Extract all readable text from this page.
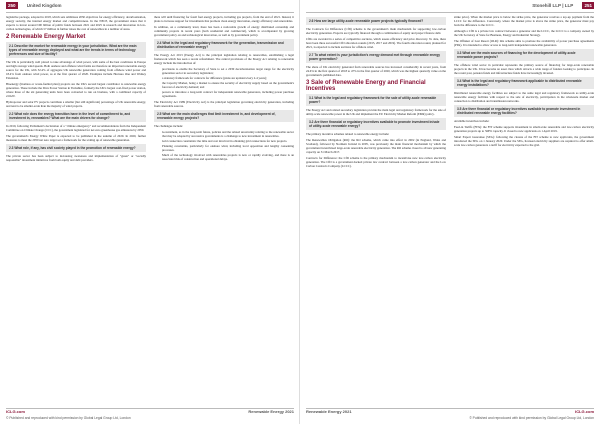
250	United Kingdom

legislative package, adopted in 2018, which sets ambitious 2030 objectives for energy efficiency, decarbonisation, energy security, the internal energy market and competitiveness. In the NECP, the government states that it expects to invest around £90 billion of public funds between 2021 and 2025 in research and innovation in low-carbon technologies, of which £7 million in further raises the cost of renewables in a number of areas.

2 Renewable Energy Market
2.1 Describe the market for renewable energy in your jurisdiction. What are the main types of renewable energy deployed and what are the trends in terms of technology preferences and size of facility?

The UK is particularly well placed to take advantage of wind power, with some of the best conditions in Europe and high average wind speeds. Both onshore and offshore wind farms are therefore an important renewable energy source for the UK, with 32.4% of aggregate UK renewable generation coming from offshore wind power and 18.4% from onshore wind power, as at the first quarter of 2020. Examples include Hornsea One and Walney Extension.

Bioenergy (biomass or waste-fuelled plant) projects are the UK's second largest contributor to renewable energy generation. These include the Drax Power Station in Yorkshire, formerly the UK's largest coal-fired power station, where three of the six generating units have been converted to run on biomass, with a combined capacity of 2.6GW.

Hydropower and solar PV projects contribute a smaller (but still significant) percentage of UK renewable energy, and tend to be smaller-scale than the majority of wind projects.

2.2 What role does the energy transition have in the level of commitment to, and investment in, renewables? What are the main drivers for change?

In 2019, following Parliament's declaration of a "climate emergency" and recommendations from the Independent Committee on Climate Change (CCC), the government legislated for net zero greenhouse gas emissions by 2050.

The government's Energy White Paper is expected to be published in the autumn of 2020. In 2020, further measures to meet the 2050 net zero target set a framework for the scaling up of renewable generation.

2.3 What role, if any, has civil society played in the promotion of renewable energy?

The private sector has been subject to increasing awareness and implementation of "green" or "socially responsible" investment initiatives from both equity and debt providers.

there will until financing for fossil fuel energy projects, including gas projects, from the end of 2021. Instead, it plans to increase support for investments that promote clean energy innovation, energy efficiency and renewables.

In addition, on a community level, there has been a noticeable growth of energy distributed ownership and community projects in recent years (both residential and commercial), which is accompanied by growing government policy on and technological innovation, as well as by government policy.

2.4 What is the legal and regulatory framework for the generation, transmission and distribution of renewable energy?

The Energy Act 2013 (Energy Act) is the principal legislation relating to renewables, establishing a legal framework which has seen a recent refreshment. The central provisions of the Energy Act relating to renewable energy include the introduction of:

• provisions to enable the Secretary of State to set a 2030 decarbonisation target range for the electricity generation sector in secondary legislation;
• a statutory framework for contracts for difference (plans are updated every 2-4 years);
• the Capacity Market, being a market to ensure the security of electricity supply based on the government's forecast of electricity demand; and
• powers to introduce a long-term contract for independent renewable generators, including power purchase agreements.

The Electricity Act 1989 (Electricity Act) is the principal legislation governing electricity generation, including from renewable sources.

2.5 What are the main challenges that limit investment in, and development of, renewable energy projects?

The challenges include:

• Government, as in the long-term future, policies and the related uncertainty relating to the renewable sector that may be adopted by successive governments is a challenge to new investment in renewables.
• Grid connection constraints: the time and cost involved in obtaining grid connections for new projects.
• Planning constraints, particularly for onshore wind, including local opposition and lengthy consenting processes.
• Much of the technology involved with renewables projects is new or rapidly evolving, and there is an associated risk of construction and operational delays.
ICLG.com	Renewable Energy 2021
© Published and reproduced with kind permission by Global Legal Group Ltd, London
Stonehill LLP | LLP	251
2.6 How are large utility-scale renewable power projects typically financed?

The Contracts for Difference (CfD) scheme is the government's main mechanism for supporting low-carbon electricity generation. Projects are typically financed through a combination of equity and project finance debt.

CfDs are awarded in a series of competitive auctions, which assess efficiency and price discovery. To date, there have been three successful CfD allocation rounds (2015, 2017 and 2019). The fourth allocation round, planned for 2021, is expected to include auctions for offshore wind.

2.7 To what extent is your jurisdiction's energy demand met through renewable energy power generation?

The share of UK electricity generated from renewable sources has increased considerably in recent years, from 24.6% in the first quarter of 2018 to 47% in the first quarter of 2020, which was the highest quarterly value on the government's published data.

3 Sale of Renewable Energy and Financial Incentives
3.1 What is the legal and regulatory framework for the sale of utility-scale renewable power?

The Energy Act and related secondary legislation provide the main legal and regulatory framework for the sale of utility-scale renewable power in the UK and implement the EU Electricity Market Reform (EMR) policy.

3.2 Are there financial or regulatory incentives available to promote investment in/sale of utility-scale renewable energy?

The primary incentive schemes related to renewable energy include:

The Renewables Obligation (RO): the RO scheme, which came into effect in 2002 (in England, Wales and Scotland), followed by Northern Ireland in 2005, was previously the main financial mechanism by which the government incentivised large-scale renewable electricity generation. The RO scheme closed to all new generating capacity on 31 March 2017.

Contracts for Difference: the CfD scheme is the primary mechanism to incentivise new low-carbon electricity generation. The CfD is a government-backed private law contract between a low-carbon generator and the Low Carbon Contracts Company (LCCC).

strike price). When the market price is below the strike price, the generator receives a top-up payment from the LCCC for the difference. Conversely, where the market price is above the strike price, the generator must pay back the difference to the LCCC.

Although a CfD is a private law contract between a generator and the LCCC, the LCCC is a company owned by the UK Secretary of State for Business, Energy and Industrial Strategy.

The Offtaker of Last Resort (OLR): this scheme aims to promote the availability of power purchase agreements (PPA). It is intended to allow access to long-term independent renewable generators.

3.3 What are the main sources of financing for the development of utility-scale renewable power projects?

The offshore wind sector in particular represents the primary source of financing for large-scale renewable projects in the UK. It has become an asset class which attracts a wide range of funders looking to participate. In the recent past, pension funds and infrastructure funds have increasingly invested.

3.4 What is the legal and regulatory framework applicable to distributed renewable energy installations?

Distributed renewable energy facilities are subject to the same legal and regulatory framework as utility-scale renewable energy facilities with respect to the sale of electricity, participation in the wholesale market and connection to distribution and transmission networks.

3.5 Are there financial or regulatory incentives available to promote investment in distributed renewable energy facilities?

Available incentives include:

Feed-in Tariffs (FITs): the FIT scheme supports investment in small-scale renewable and low-carbon electricity generation projects up to 5MW capacity. It closed to new applicants on 1 April 2019.

Smart Export Guarantee (SEG): following the closure of the FIT scheme to new applicants, the government introduced the SEG on 1 January 2020. Under the SEG, licensed electricity suppliers are required to offer small-scale low-carbon generators a tariff for electricity exported to the grid.

Renewable Energy 2021	ICLG.com
© Published and reproduced with kind permission by Global Legal Group Ltd, London
